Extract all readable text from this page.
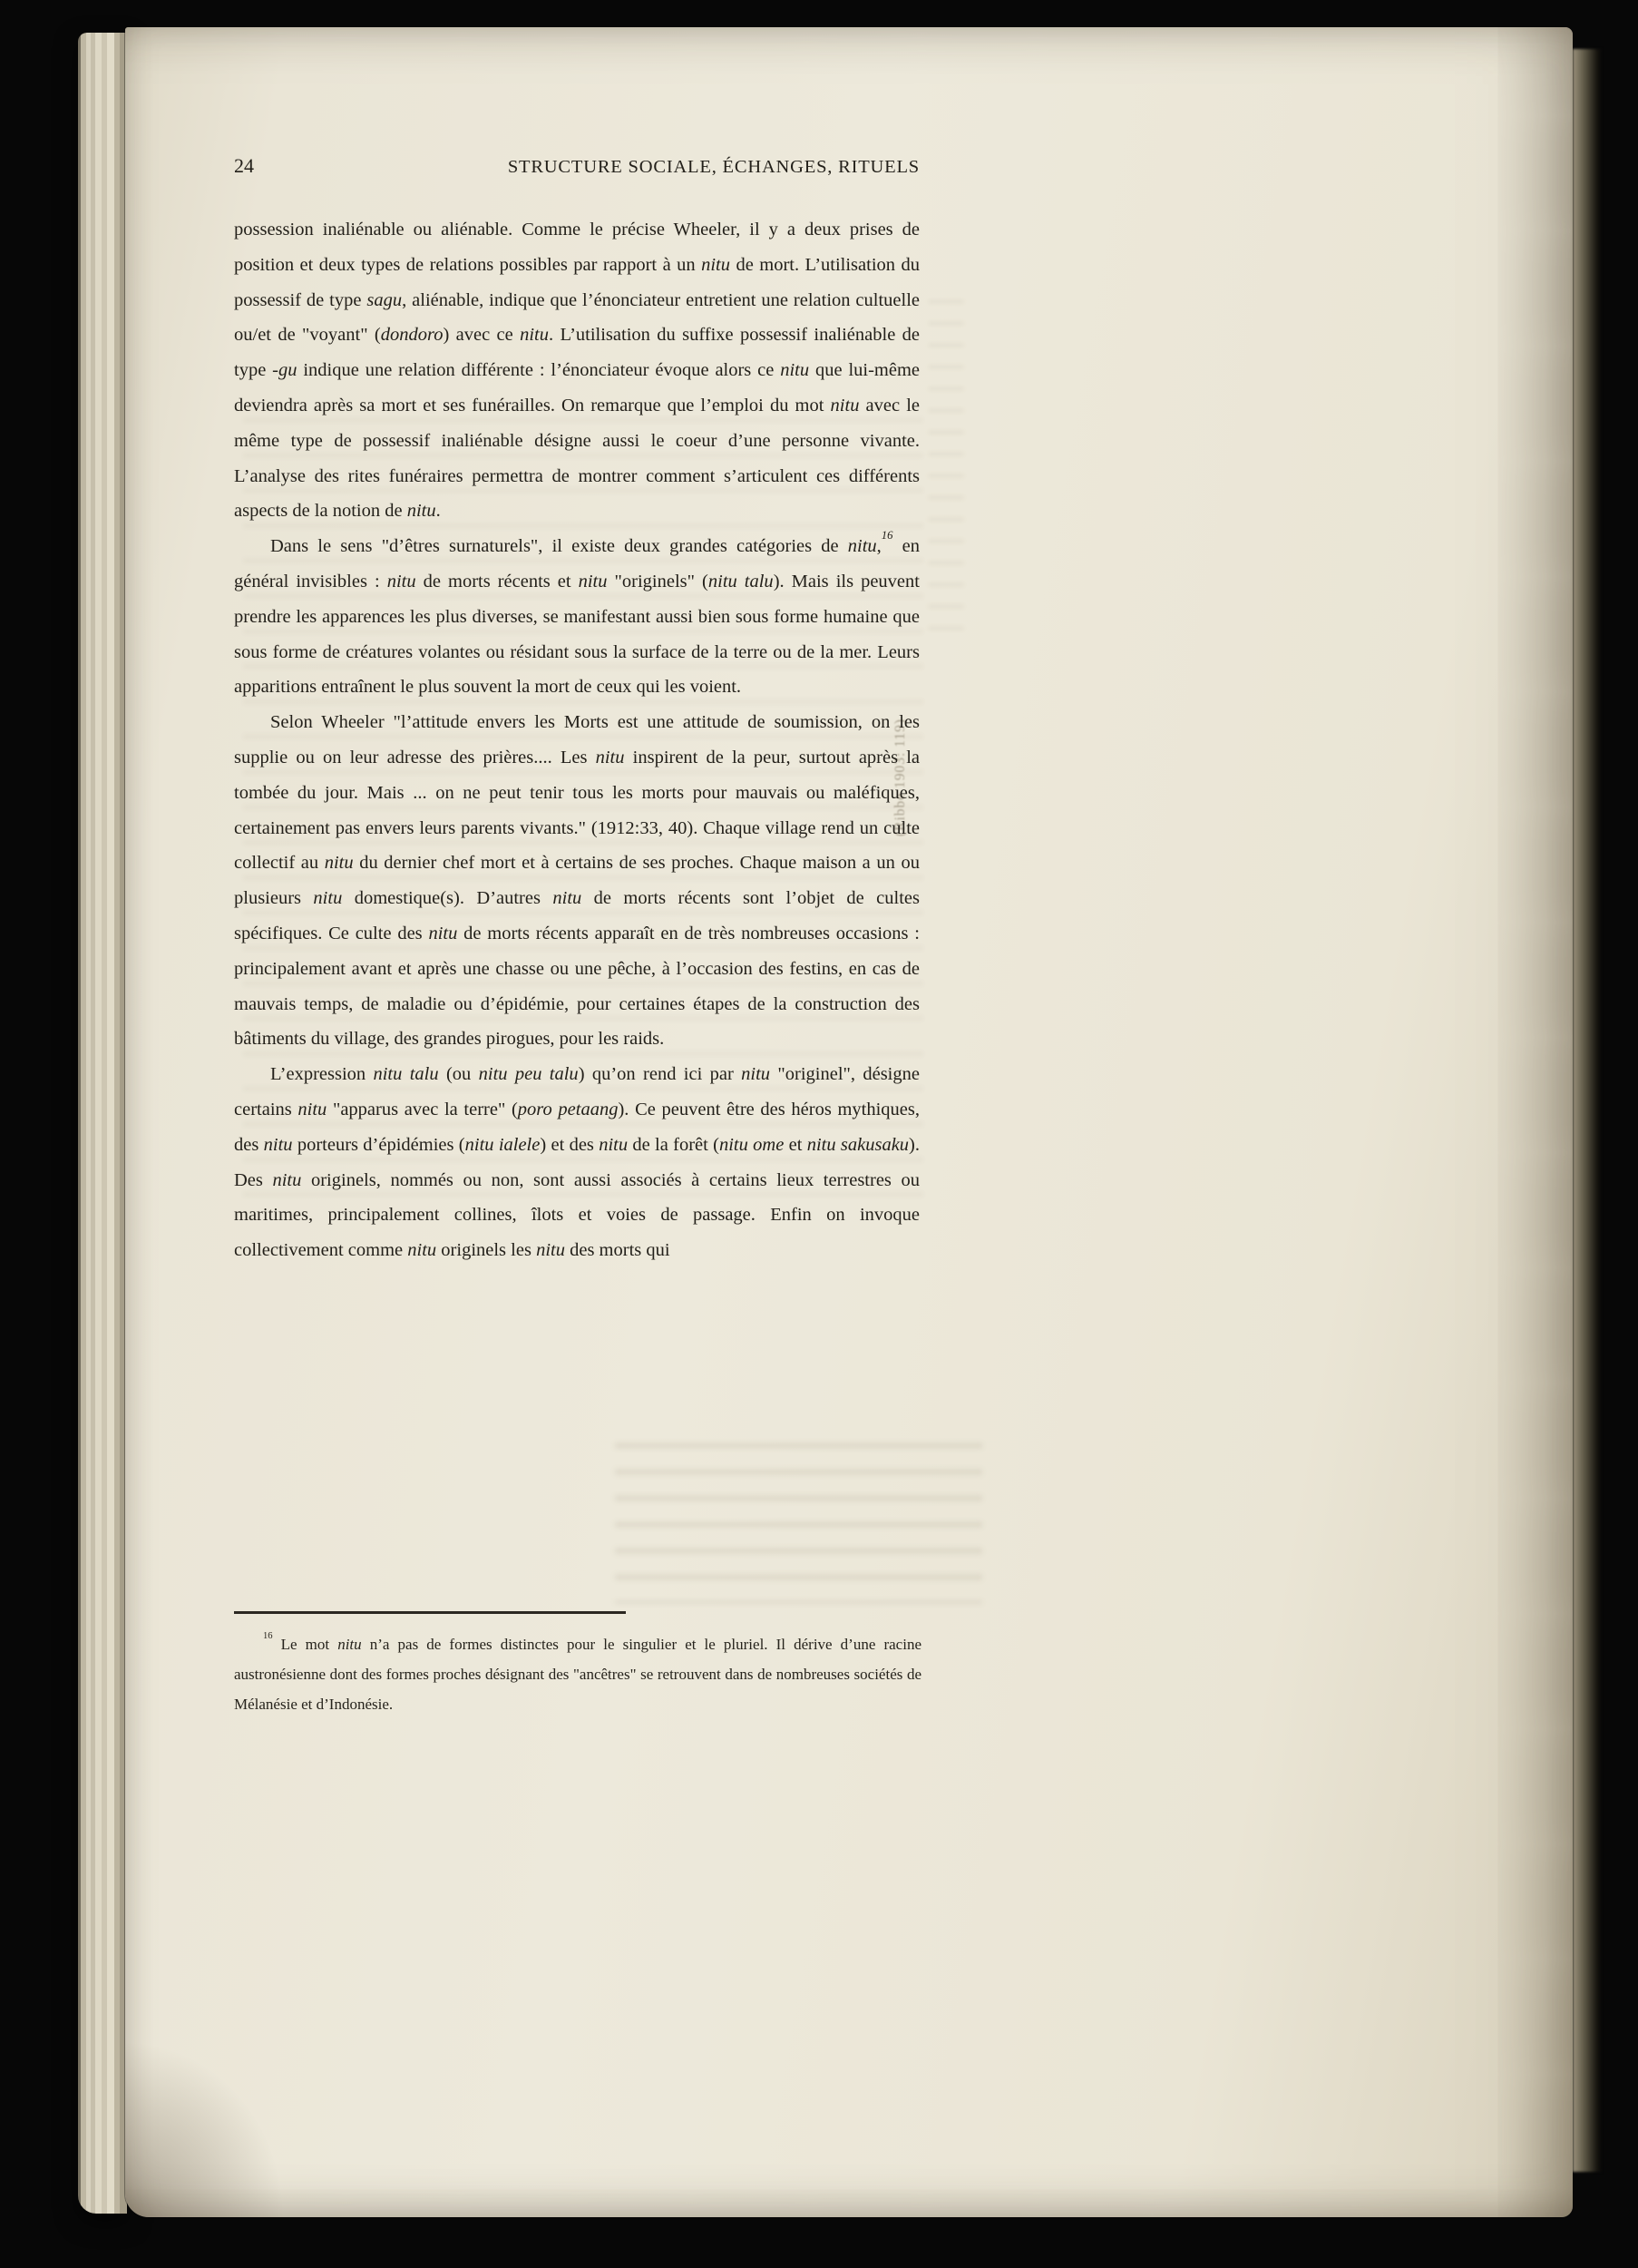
(Ribbe 1903: 119)
24	STRUCTURE SOCIALE, ÉCHANGES, RITUELS

possession inaliénable ou aliénable. Comme le précise Wheeler, il y a deux prises de position et deux types de relations possibles par rapport à un nitu de mort. L’utilisation du possessif de type sagu, aliénable, indique que l’énonciateur entretient une relation cultuelle ou/et de "voyant" (dondoro) avec ce nitu. L’utilisation du suffixe possessif inaliénable de type -gu indique une relation différente : l’énonciateur évoque alors ce nitu que lui-même deviendra après sa mort et ses funérailles. On remarque que l’emploi du mot nitu avec le même type de possessif inaliénable désigne aussi le coeur d’une personne vivante. L’analyse des rites funéraires permettra de montrer comment s’articulent ces différents aspects de la notion de nitu.

Dans le sens "d’êtres surnaturels", il existe deux grandes catégories de nitu,$^{16}$ en général invisibles : nitu de morts récents et nitu "originels" (nitu talu). Mais ils peuvent prendre les apparences les plus diverses, se manifestant aussi bien sous forme humaine que sous forme de créatures volantes ou résidant sous la surface de la terre ou de la mer. Leurs apparitions entraînent le plus souvent la mort de ceux qui les voient.

Selon Wheeler "l’attitude envers les Morts est une attitude de soumission, on les supplie ou on leur adresse des prières.... Les nitu inspirent de la peur, surtout après la tombée du jour. Mais ... on ne peut tenir tous les morts pour mauvais ou maléfiques, certainement pas envers leurs parents vivants." (1912:33, 40). Chaque village rend un culte collectif au nitu du dernier chef mort et à certains de ses proches. Chaque maison a un ou plusieurs nitu domestique(s). D’autres nitu de morts récents sont l’objet de cultes spécifiques. Ce culte des nitu de morts récents apparaît en de très nombreuses occasions : principalement avant et après une chasse ou une pêche, à l’occasion des festins, en cas de mauvais temps, de maladie ou d’épidémie, pour certaines étapes de la construction des bâtiments du village, des grandes pirogues, pour les raids.

L’expression nitu talu (ou nitu peu talu) qu’on rend ici par nitu "originel", désigne certains nitu "apparus avec la terre" (poro petaang). Ce peuvent être des héros mythiques, des nitu porteurs d’épidémies (nitu ialele) et des nitu de la forêt (nitu ome et nitu sakusaku). Des nitu originels, nommés ou non, sont aussi associés à certains lieux terrestres ou maritimes, principalement collines, îlots et voies de passage. Enfin on invoque collectivement comme nitu originels les nitu des morts qui

$^{16}$ Le mot nitu n’a pas de formes distinctes pour le singulier et le pluriel. Il dérive d’une racine austronésienne dont des formes proches désignant des "ancêtres" se retrouvent dans de nombreuses sociétés de Mélanésie et d’Indonésie.
